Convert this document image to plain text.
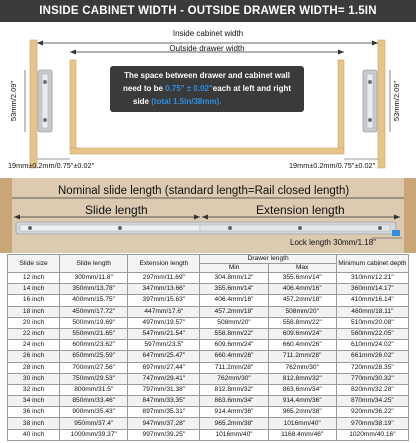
INSIDE CABINET WIDTH - OUTSIDE DRAWER WIDTH= 1.5IN
Inside cabinet width
Outside drawer width
The space between drawer and cabinet wall
need to be 0.75" ± 0.02"each at left and right
side (total 1.5in/38mm).
53mm/2.09"	53mm/2.09"
19mm±0.2mm/0.75"±0.02"	19mm±0.2mm/0.75"±0.02"
Nominal slide length (standard length=Rail closed length)
Slide length	Extension length
Lock length 30mm/1.18"
Slide size	Slide length	Extension length	Drawer length		Minimum cabinet depth
			Min	Max	
12 inch	300mm/11.8"	297mm/11.69"	304.8mm/12"	355.6mm/14"	310mm/12.21"
14 inch	350mm/13.78"	347mm/13.66"	355.6mm/14"	406.4mm/16"	360mm/14.17"
16 inch	400mm/15.75"	397mm/15.63"	406.4mm/16"	457.2mm/18"	410mm/16.14"
18 inch	450mm/17.72"	447mm/17.6"	457.2mm/18"	508mm/20"	460mm/18.11"
20 inch	500mm/19.69"	497mm/19.57"	508mm/20"	558.8mm/22"	510mm/20.08"
22 inch	550mm/21.65"	547mm/21.54"	558.8mm/22"	609.6mm/24"	560mm/22.05"
24 inch	600mm/23.62"	597mm/23.5"	609.6mm/24"	660.4mm/26"	610mm/24.02"
26 inch	650mm/25.59"	647mm/25.47"	660.4mm/26"	711.2mm/28"	661mm/26.02"
28 inch	700mm/27.56"	697mm/27.44"	711.2mm/28"	762mm/30"	720mm/28.35"
30 inch	750mm/29.53"	747mm/29.41"	762mm/30"	812.8mm/32"	770mm/30.32"
32 inch	800mm/31.5"	797mm/31.38"	812.8mm/32"	863.6mm/34"	820mm/32.28"
34 inch	850mm/33.46"	847mm/33.35"	863.6mm/34"	914.4mm/36"	870mm/34.25"
36 inch	900mm/35.43"	897mm/35.31"	914.4mm/36"	965.2mm/38"	920mm/36.22"
38 inch	950mm/37.4"	947mm/37.28"	965.2mm/38"	1016mm/40"	970mm/38.19"
40 inch	1000mm/39.37"	997mm/39.25"	1016mm/40"	1168.4mm/46"	1020mm/40.16"
